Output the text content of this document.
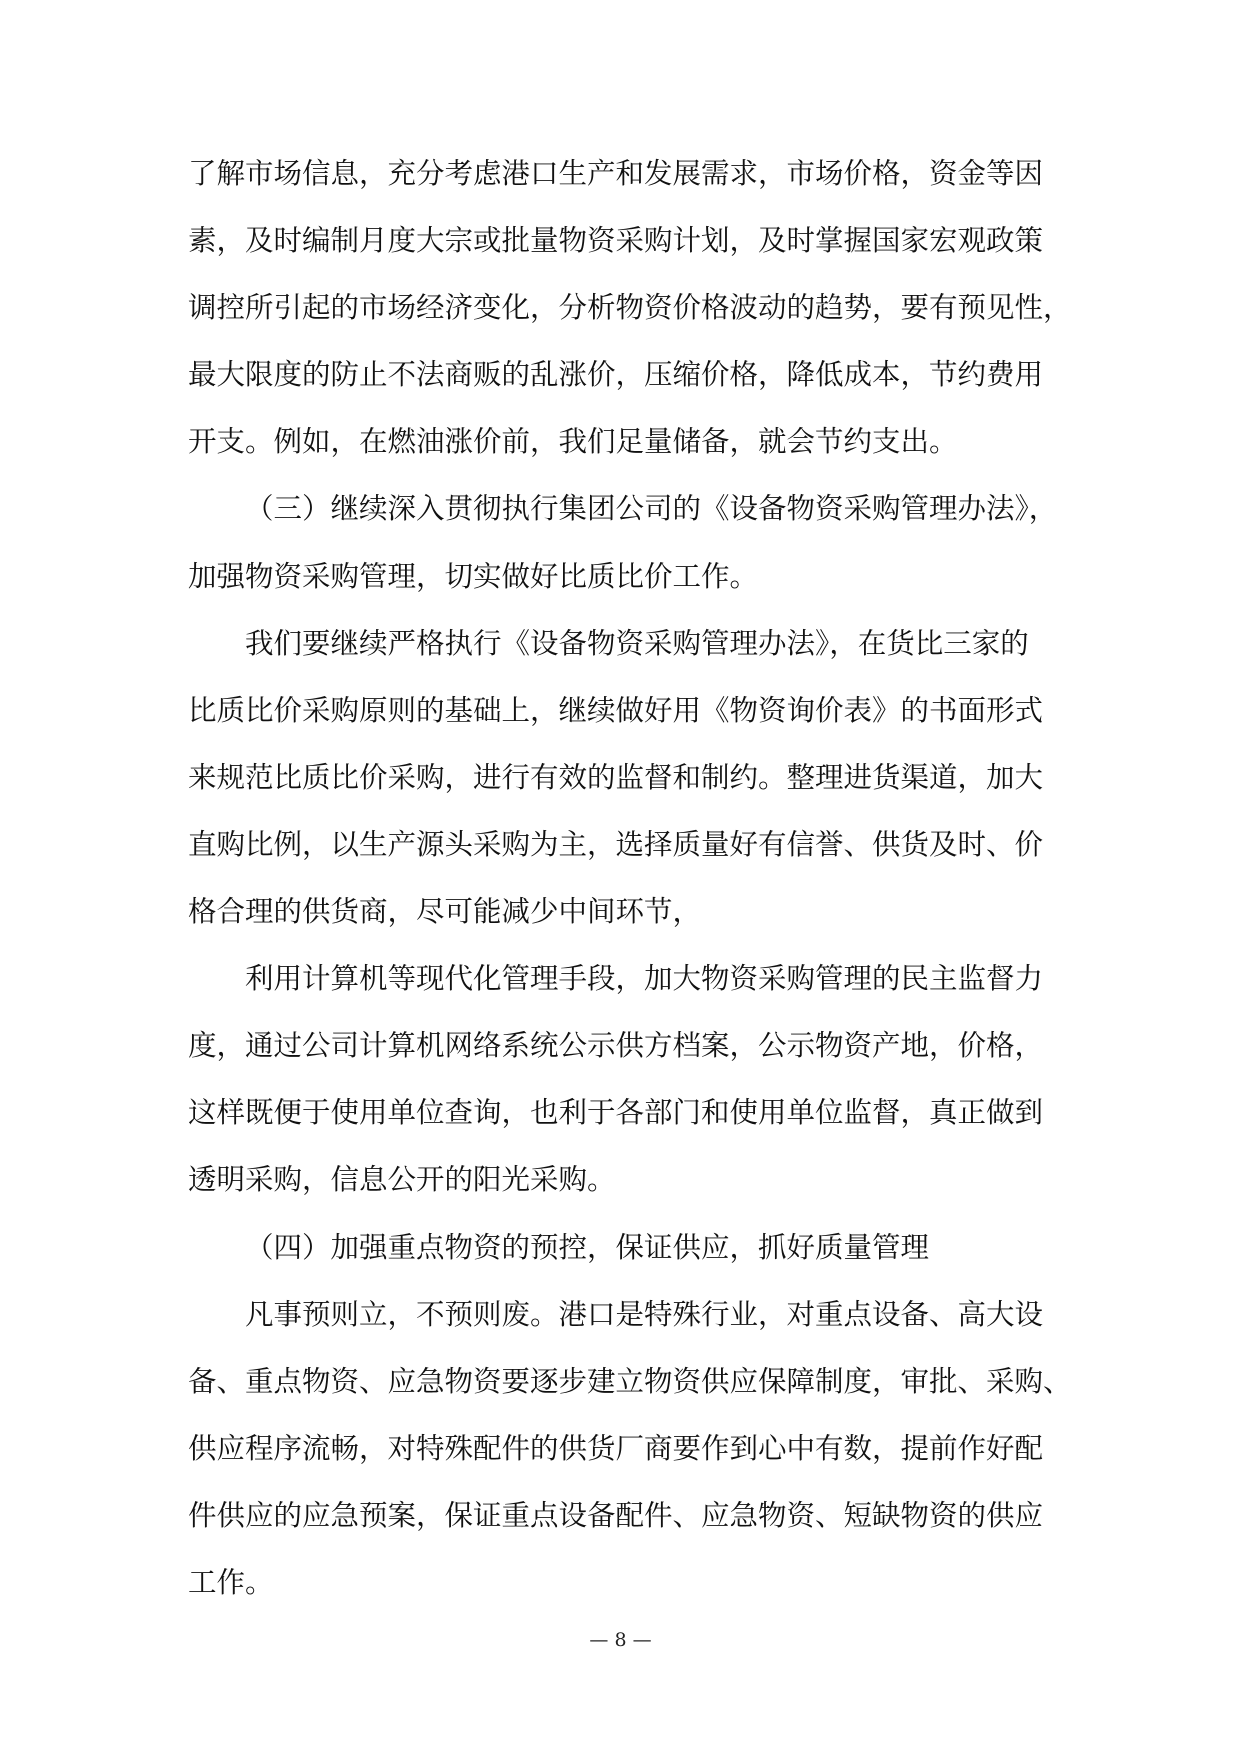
了解市场信息，充分考虑港口生产和发展需求，市场价格，资金等因
素，及时编制月度大宗或批量物资采购计划，及时掌握国家宏观政策
调控所引起的市场经济变化，分析物资价格波动的趋势，要有预见性，
最大限度的防止不法商贩的乱涨价，压缩价格，降低成本，节约费用
开支。例如，在燃油涨价前，我们足量储备，就会节约支出。
（三）继续深入贯彻执行集团公司的《设备物资采购管理办法》，
加强物资采购管理，切实做好比质比价工作。
我们要继续严格执行《设备物资采购管理办法》，在货比三家的
比质比价采购原则的基础上，继续做好用《物资询价表》的书面形式
来规范比质比价采购，进行有效的监督和制约。整理进货渠道，加大
直购比例，以生产源头采购为主，选择质量好有信誉、供货及时、价
格合理的供货商，尽可能减少中间环节，
利用计算机等现代化管理手段，加大物资采购管理的民主监督力
度，通过公司计算机网络系统公示供方档案，公示物资产地，价格，
这样既便于使用单位查询，也利于各部门和使用单位监督，真正做到
透明采购，信息公开的阳光采购。
（四）加强重点物资的预控，保证供应，抓好质量管理
凡事预则立，不预则废。港口是特殊行业，对重点设备、高大设
备、重点物资、应急物资要逐步建立物资供应保障制度，审批、采购、
供应程序流畅，对特殊配件的供货厂商要作到心中有数，提前作好配
件供应的应急预案，保证重点设备配件、应急物资、短缺物资的供应
工作。
— 8 —
